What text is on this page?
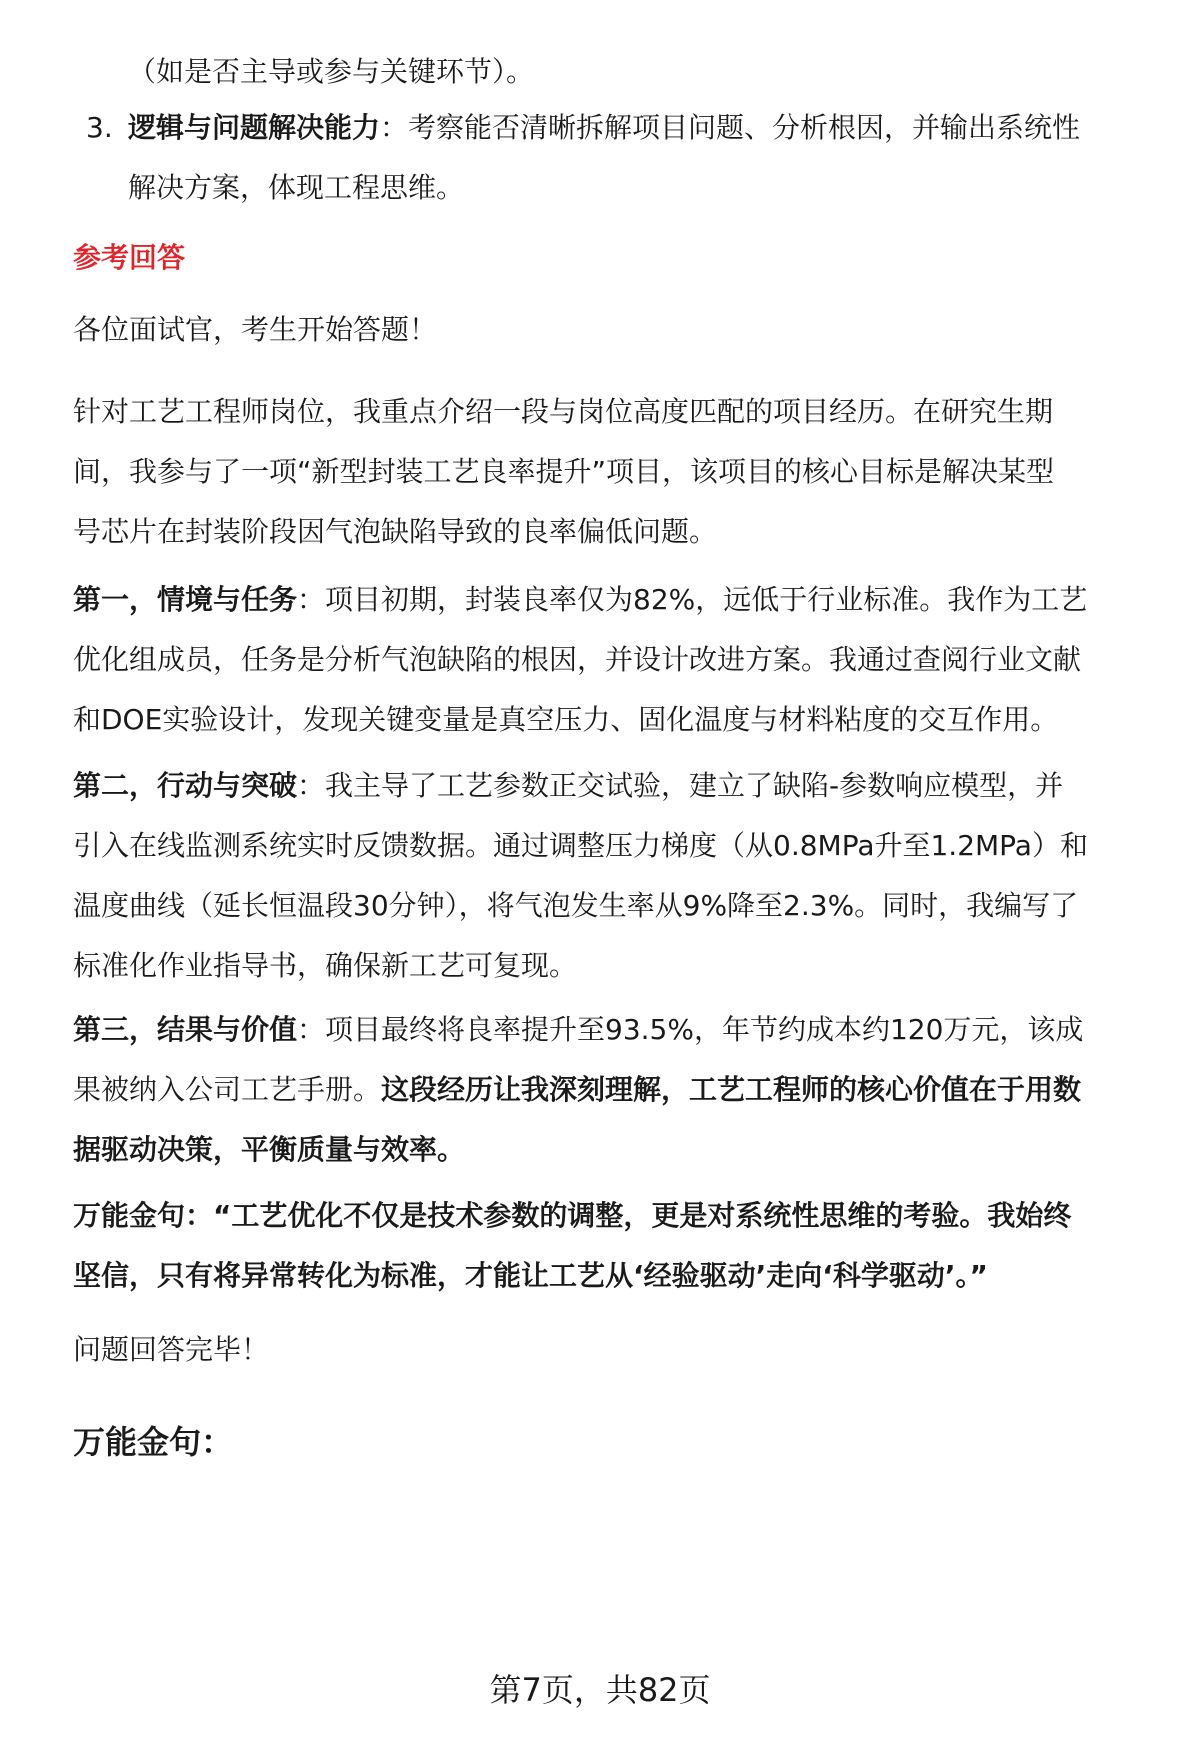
（如是否主导或参与关键环节）。

3. 逻辑与问题解决能力：考察能否清晰拆解项目问题、分析根因，并输出系统性
解决方案，体现工程思维。

参考回答

各位面试官，考生开始答题！

针对工艺工程师岗位，我重点介绍一段与岗位高度匹配的项目经历。在研究生期
间，我参与了一项“新型封装工艺良率提升”项目，该项目的核心目标是解决某型
号芯片在封装阶段因气泡缺陷导致的良率偏低问题。

第一，情境与任务：项目初期，封装良率仅为82%，远低于行业标准。我作为工艺
优化组成员，任务是分析气泡缺陷的根因，并设计改进方案。我通过查阅行业文献
和DOE实验设计，发现关键变量是真空压力、固化温度与材料粘度的交互作用。

第二，行动与突破：我主导了工艺参数正交试验，建立了缺陷-参数响应模型，并
引入在线监测系统实时反馈数据。通过调整压力梯度（从0.8MPa升至1.2MPa）和
温度曲线（延长恒温段30分钟），将气泡发生率从9%降至2.3%。同时，我编写了
标准化作业指导书，确保新工艺可复现。

第三，结果与价值：项目最终将良率提升至93.5%，年节约成本约120万元，该成
果被纳入公司工艺手册。这段经历让我深刻理解，工艺工程师的核心价值在于用数
据驱动决策，平衡质量与效率。

万能金句：“工艺优化不仅是技术参数的调整，更是对系统性思维的考验。我始终
坚信，只有将异常转化为标准，才能让工艺从‘经验驱动’走向‘科学驱动’。”

问题回答完毕！

万能金句：

第7页，共82页
